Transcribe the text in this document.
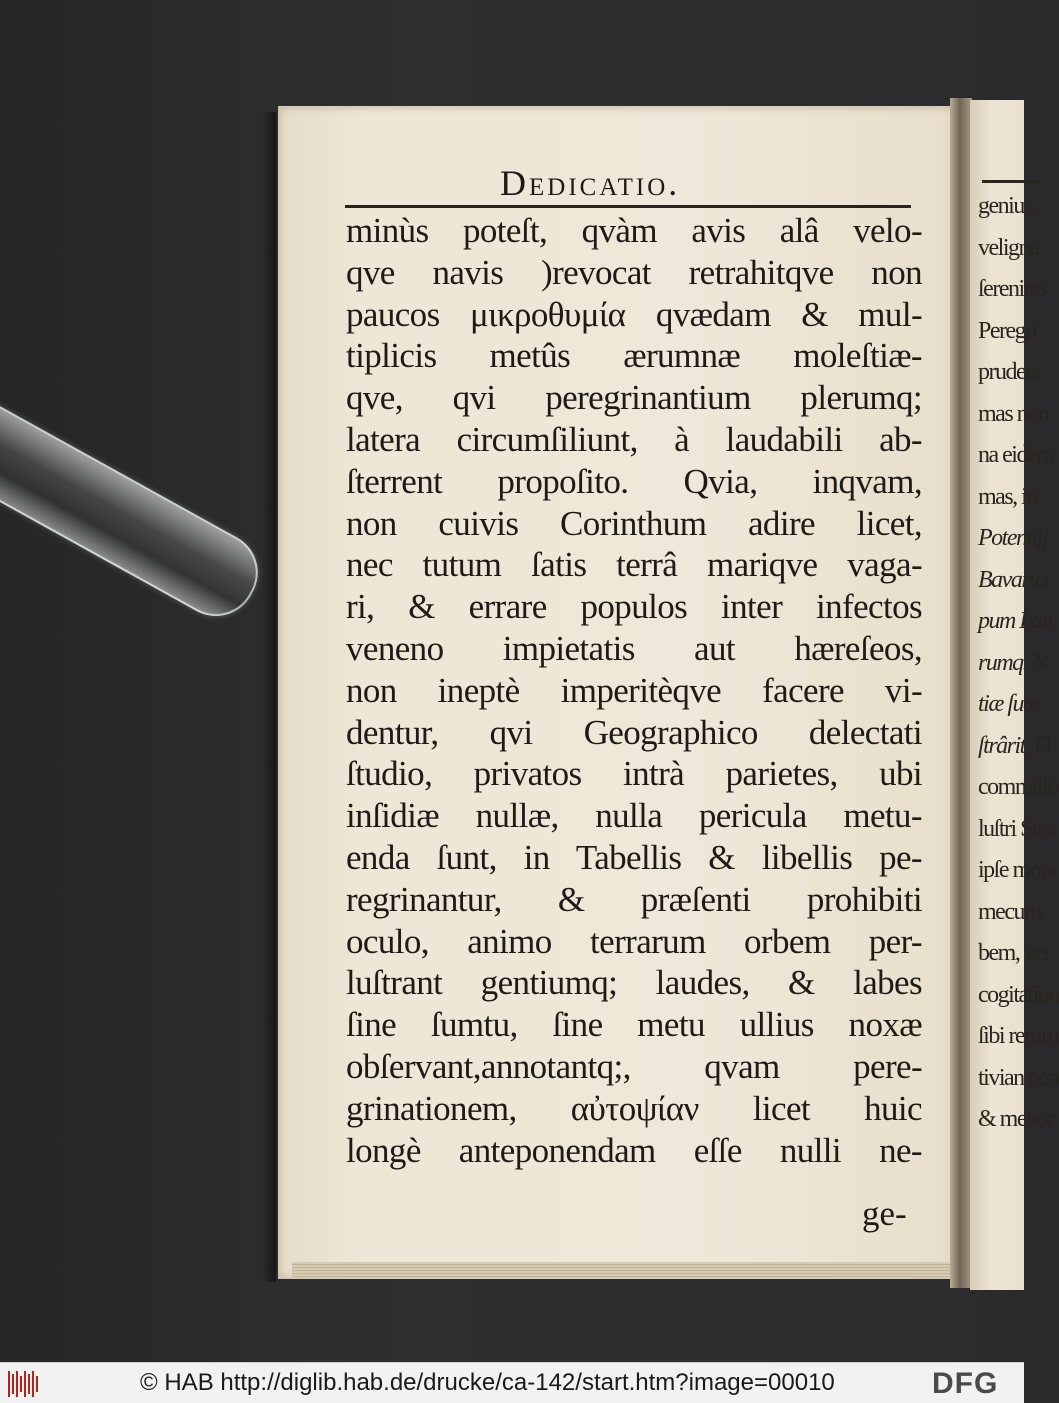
genius,
veligna
ſerenitas
Peregri
prudent
mas non
na eidem
mas, in
Potentiſſ
Bavarici
pum Lan
rumq. N
tiæ ſuæ
ſtrârit, D
commiſſo
luſtri Sere
ipſe moni
mecum
bem, ver
cogitation
ſibi rerum
tivian con
& melior
Dedicatio.
minùs poteſt, qvàm avis alâ velo-
qve navis )revocat retrahitqve non
paucos μικροθυμία qvædam & mul-
tiplicis metûs ærumnæ moleſtiæ-
qve, qvi peregrinantium plerumq;
latera circumſiliunt, à laudabili ab-
ſterrent propoſito. Qvia, inqvam,
non cuivis Corinthum adire licet,
nec tutum ſatis terrâ mariqve vaga-
ri, & errare populos inter infectos
veneno impietatis aut hæreſeos,
non ineptè imperitèqve facere vi-
dentur, qvi Geographico delectati
ſtudio, privatos intrà parietes, ubi
inſidiæ nullæ, nulla pericula metu-
enda ſunt, in Tabellis & libellis pe-
regrinantur, & præſenti prohibiti
oculo, animo terrarum orbem per-
luſtrant gentiumq; laudes, & labes
ſine ſumtu, ſine metu ullius noxæ
obſervant,annotantq;, qvam pere-
grinationem, αὐτοψίαν licet huic
longè anteponendam eſſe nulli ne-
ge-
© HAB http://diglib.hab.de/drucke/ca-142/start.htm?image=00010	DFG
